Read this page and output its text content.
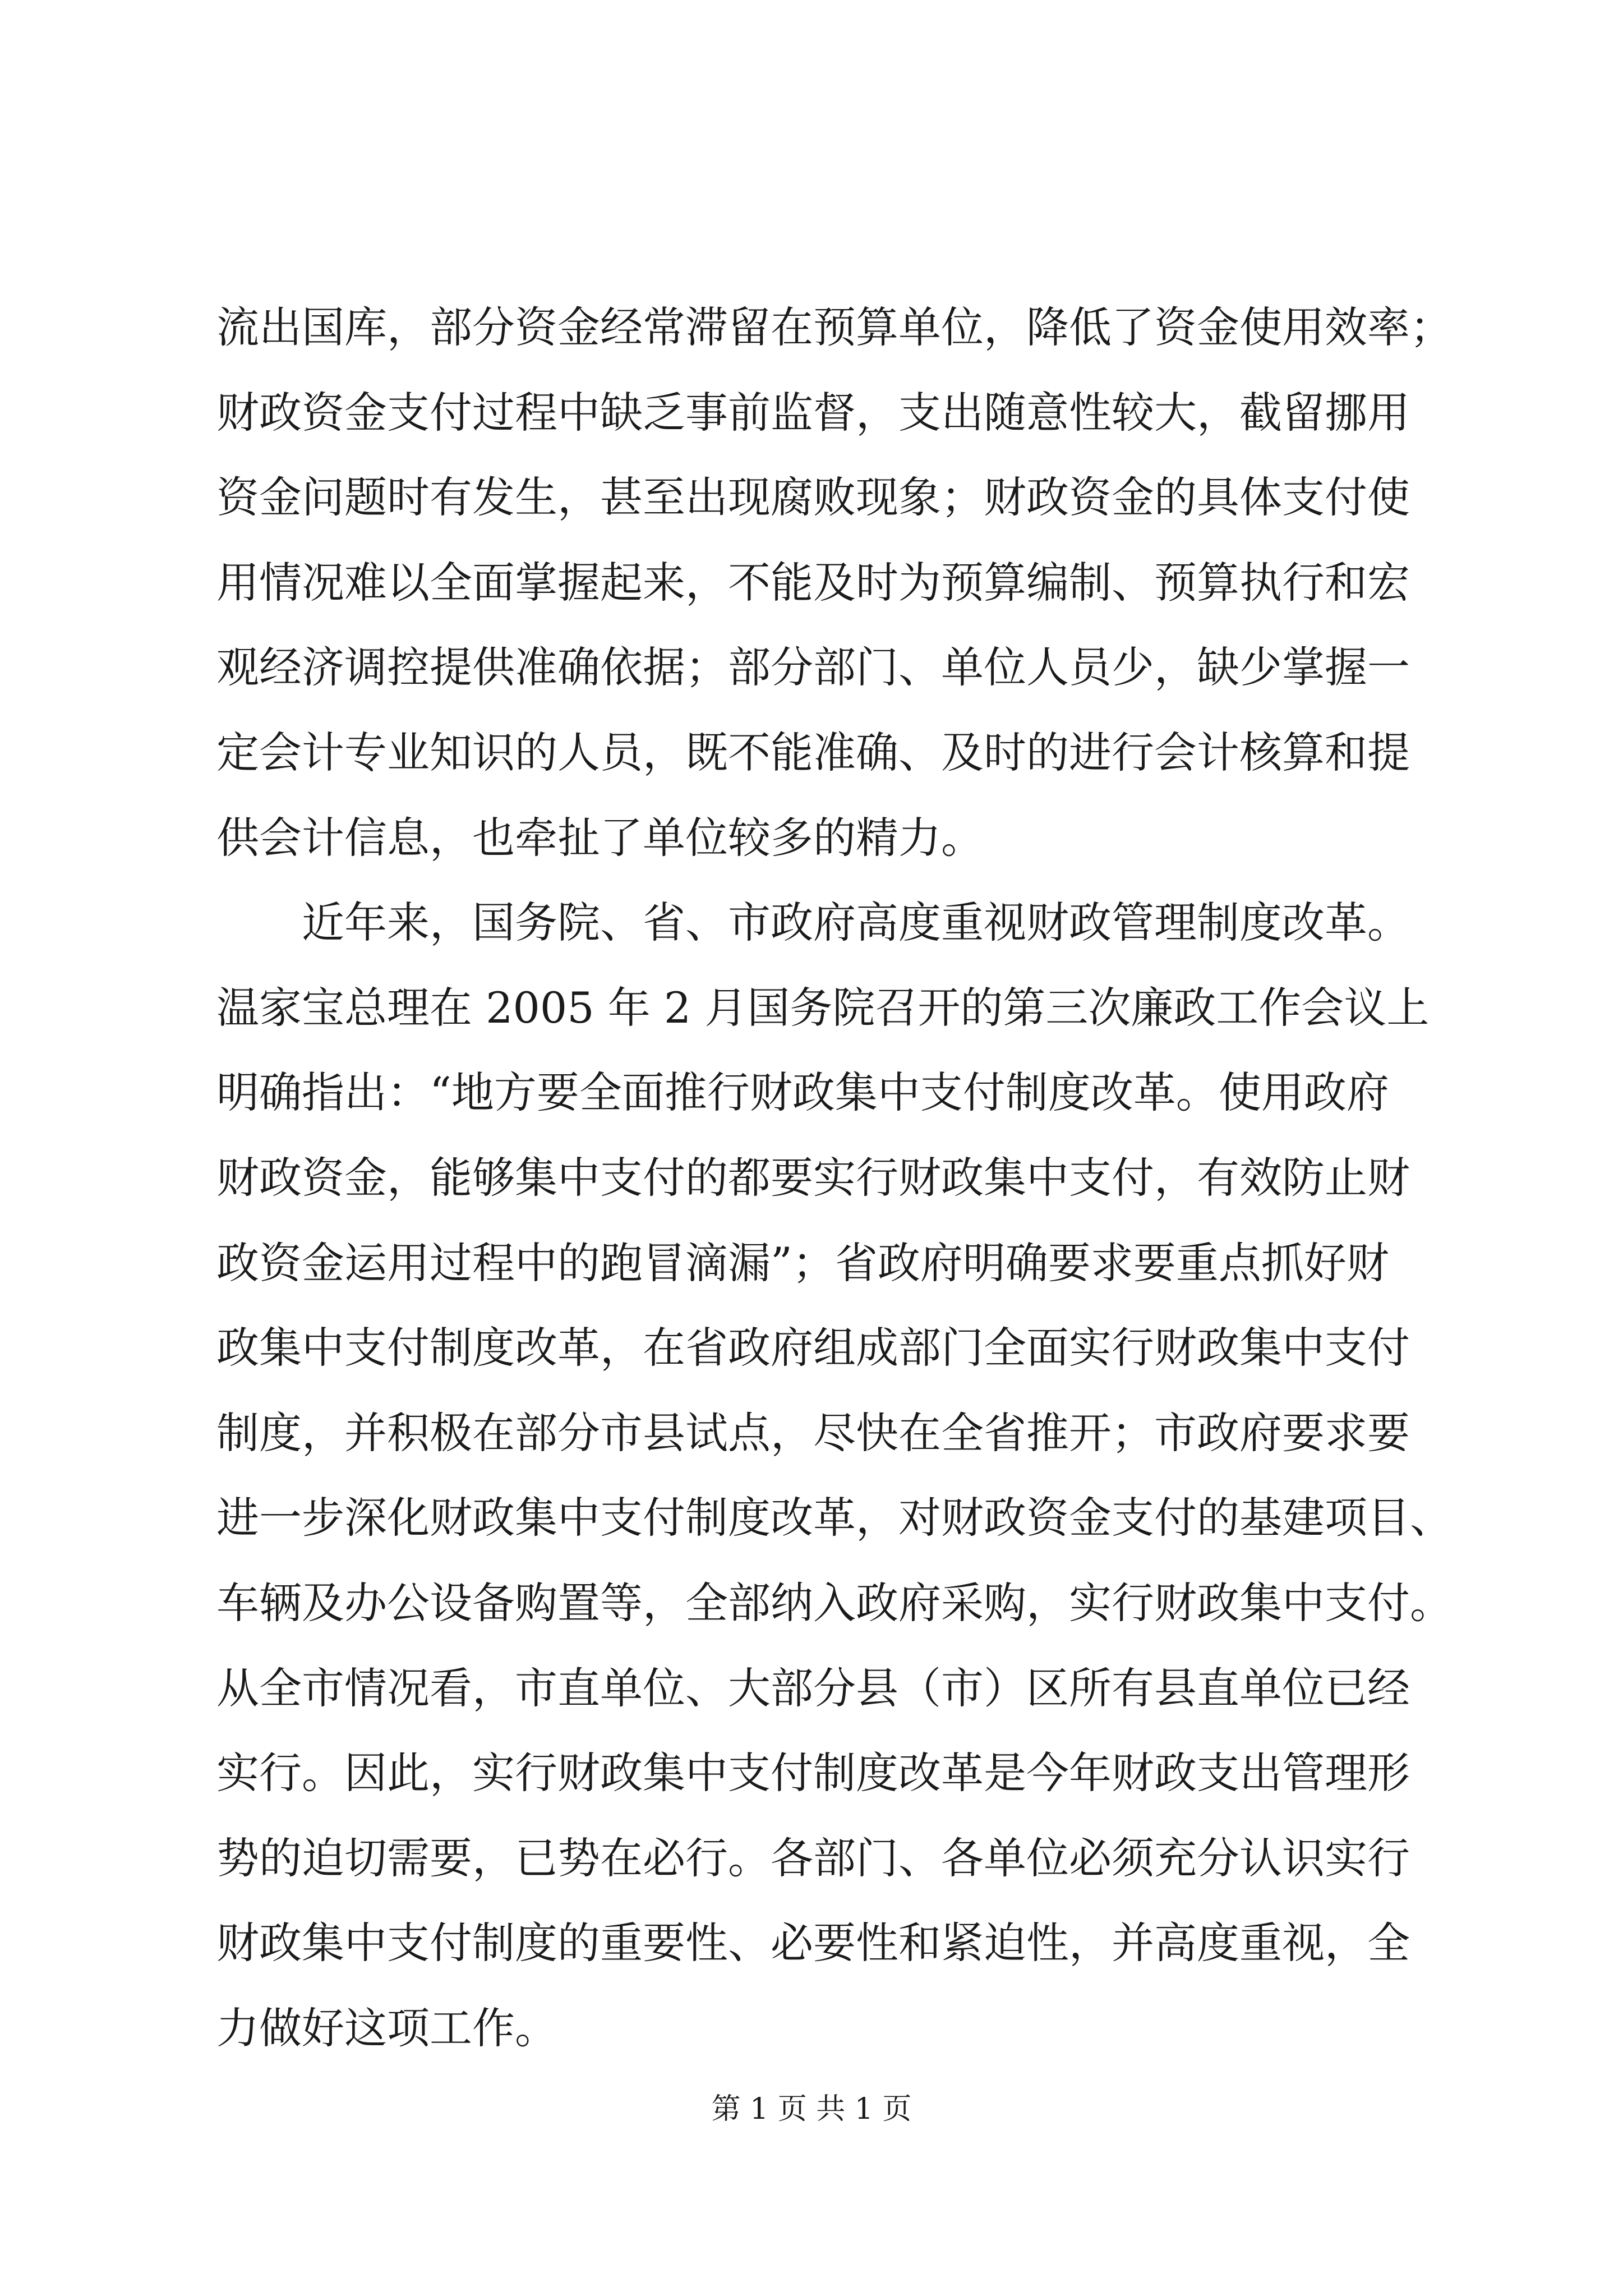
流出国库，部分资金经常滞留在预算单位，降低了资金使用效率；
财政资金支付过程中缺乏事前监督，支出随意性较大，截留挪用
资金问题时有发生，甚至出现腐败现象；财政资金的具体支付使
用情况难以全面掌握起来，不能及时为预算编制、预算执行和宏
观经济调控提供准确依据；部分部门、单位人员少，缺少掌握一
定会计专业知识的人员，既不能准确、及时的进行会计核算和提
供会计信息，也牵扯了单位较多的精力。
　　近年来，国务院、省、市政府高度重视财政管理制度改革。
温家宝总理在 2005 年 2 月国务院召开的第三次廉政工作会议上
明确指出：“地方要全面推行财政集中支付制度改革。使用政府
财政资金，能够集中支付的都要实行财政集中支付，有效防止财
政资金运用过程中的跑冒滴漏”；省政府明确要求要重点抓好财
政集中支付制度改革，在省政府组成部门全面实行财政集中支付
制度，并积极在部分市县试点，尽快在全省推开；市政府要求要
进一步深化财政集中支付制度改革，对财政资金支付的基建项目、
车辆及办公设备购置等，全部纳入政府采购，实行财政集中支付。
从全市情况看，市直单位、大部分县（市）区所有县直单位已经
实行。因此，实行财政集中支付制度改革是今年财政支出管理形
势的迫切需要，已势在必行。各部门、各单位必须充分认识实行
财政集中支付制度的重要性、必要性和紧迫性，并高度重视，全
力做好这项工作。
第 1 页 共 1 页
